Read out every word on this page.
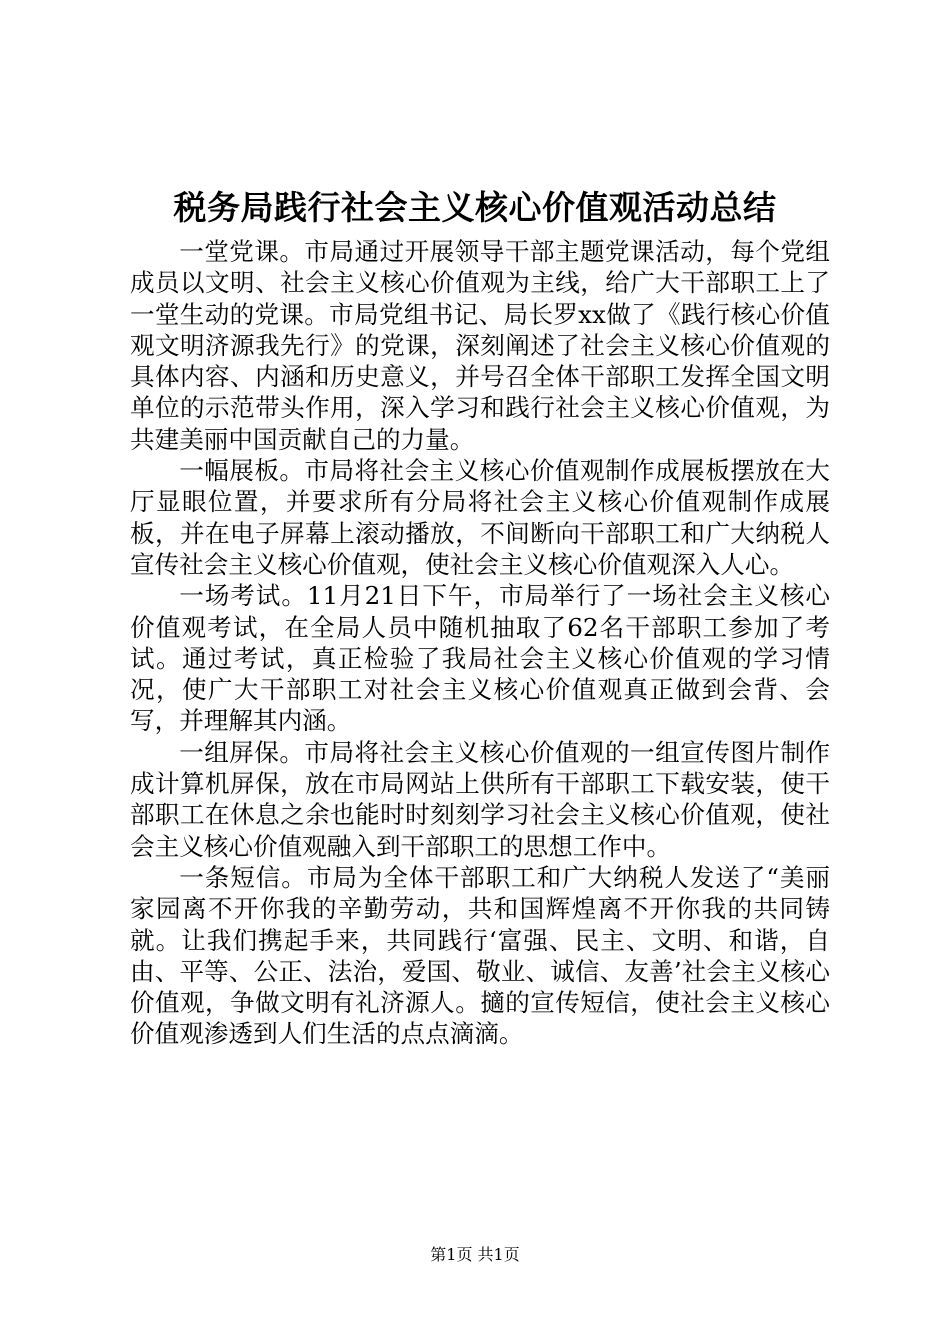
税务局践行社会主义核心价值观活动总结

一堂党课。市局通过开展领导干部主题党课活动，每个党组成员以文明、社会主义核心价值观为主线，给广大干部职工上了一堂生动的党课。市局党组书记、局长罗xx做了《践行核心价值观文明济源我先行》的党课，深刻阐述了社会主义核心价值观的具体内容、内涵和历史意义，并号召全体干部职工发挥全国文明单位的示范带头作用，深入学习和践行社会主义核心价值观，为共建美丽中国贡献自己的力量。

一幅展板。市局将社会主义核心价值观制作成展板摆放在大厅显眼位置，并要求所有分局将社会主义核心价值观制作成展板，并在电子屏幕上滚动播放，不间断向干部职工和广大纳税人宣传社会主义核心价值观，使社会主义核心价值观深入人心。

一场考试。11月21日下午，市局举行了一场社会主义核心价值观考试，在全局人员中随机抽取了62名干部职工参加了考试。通过考试，真正检验了我局社会主义核心价值观的学习情况，使广大干部职工对社会主义核心价值观真正做到会背、会写，并理解其内涵。

一组屏保。市局将社会主义核心价值观的一组宣传图片制作成计算机屏保，放在市局网站上供所有干部职工下载安装，使干部职工在休息之余也能时时刻刻学习社会主义核心价值观，使社会主义核心价值观融入到干部职工的思想工作中。

一条短信。市局为全体干部职工和广大纳税人发送了“美丽家园离不开你我的辛勤劳动，共和国辉煌离不开你我的共同铸就。让我们携起手来，共同践行‘富强、民主、文明、和谐，自由、平等、公正、法治，爱国、敬业、诚信、友善’社会主义核心价值观，争做文明有礼济源人。擿的宣传短信，使社会主义核心价值观渗透到人们生活的点点滴滴。

第1页 共1页
